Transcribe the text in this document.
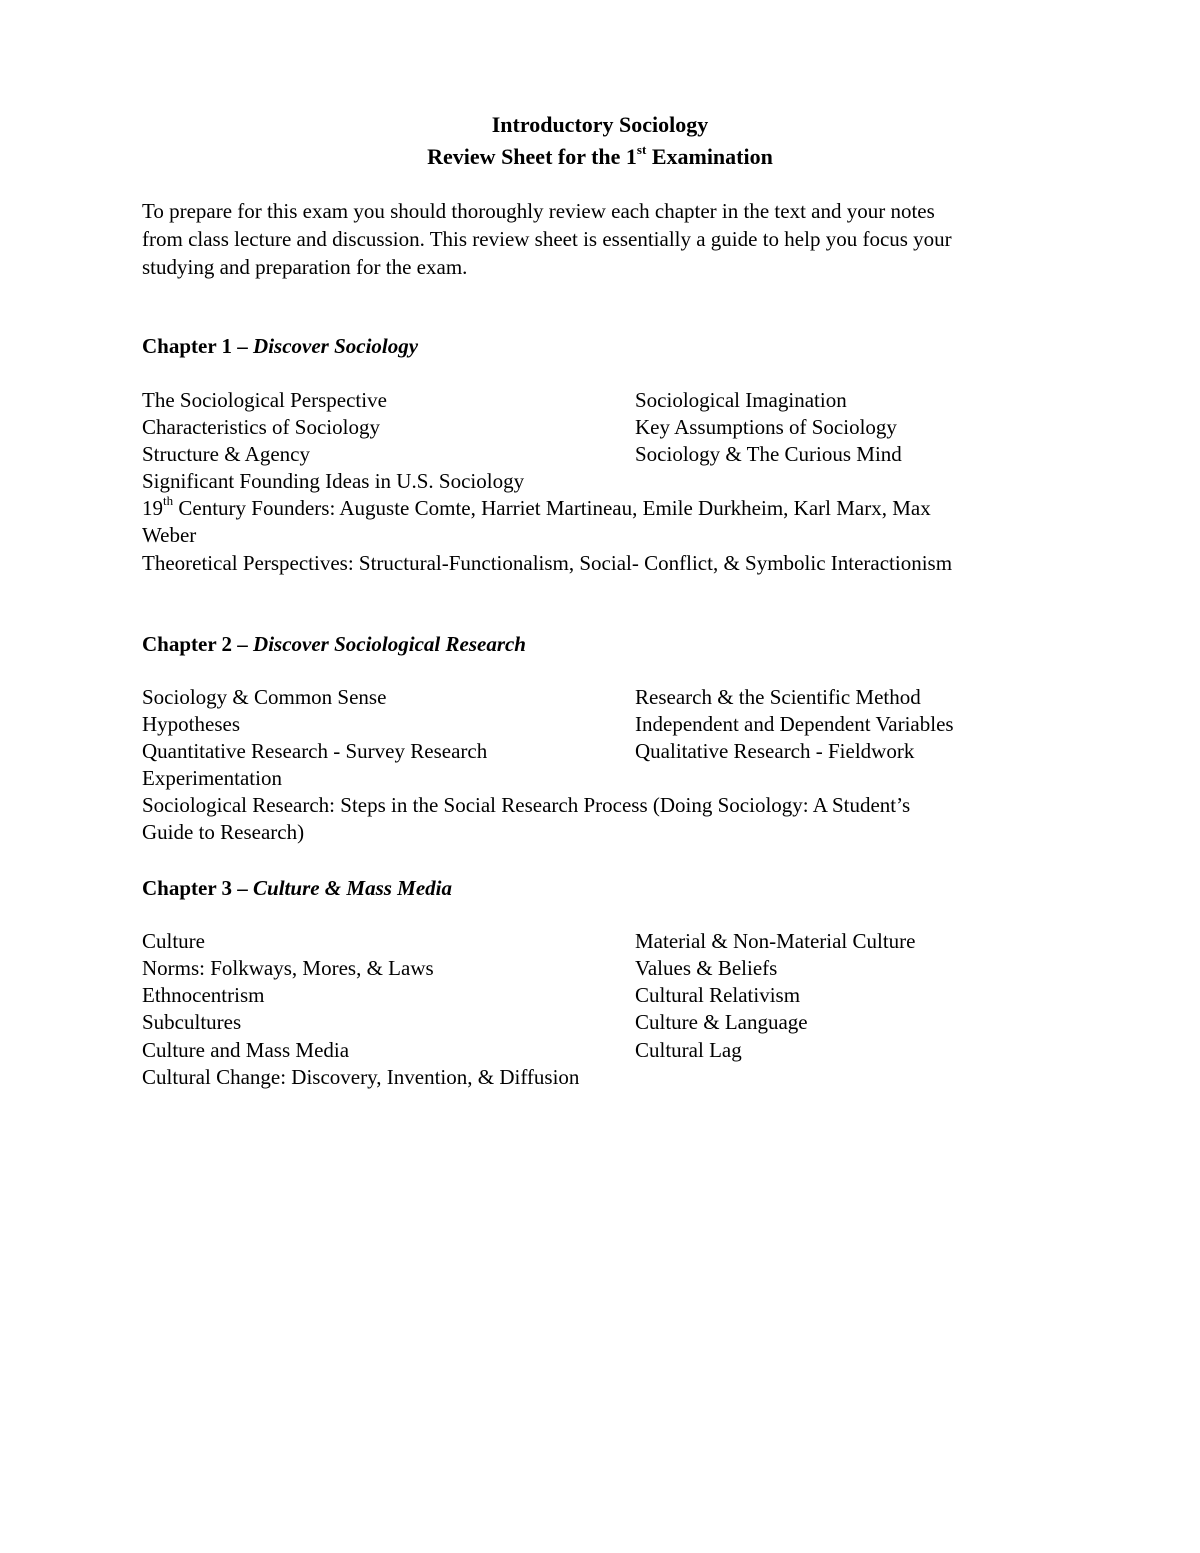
Introductory Sociology
Review Sheet for the 1st Examination
To prepare for this exam you should thoroughly review each chapter in the text and your notes
from class lecture and discussion. This review sheet is essentially a guide to help you focus your
studying and preparation for the exam.
Chapter 1 – Discover Sociology
The Sociological Perspective	Sociological Imagination
Characteristics of Sociology	Key Assumptions of Sociology
Structure & Agency	Sociology & The Curious Mind
Significant Founding Ideas in U.S. Sociology
19th Century Founders: Auguste Comte, Harriet Martineau, Emile Durkheim, Karl Marx, Max
Weber
Theoretical Perspectives: Structural-Functionalism, Social- Conflict, & Symbolic Interactionism
Chapter 2 – Discover Sociological Research
Sociology & Common Sense	Research & the Scientific Method
Hypotheses	Independent and Dependent Variables
Quantitative Research - Survey Research	Qualitative Research - Fieldwork
Experimentation
Sociological Research: Steps in the Social Research Process (Doing Sociology: A Student’s
Guide to Research)
Chapter 3 – Culture & Mass Media
Culture	Material & Non-Material Culture
Norms: Folkways, Mores, & Laws	Values & Beliefs
Ethnocentrism	Cultural Relativism
Subcultures	Culture & Language
Culture and Mass Media	Cultural Lag
Cultural Change: Discovery, Invention, & Diffusion
